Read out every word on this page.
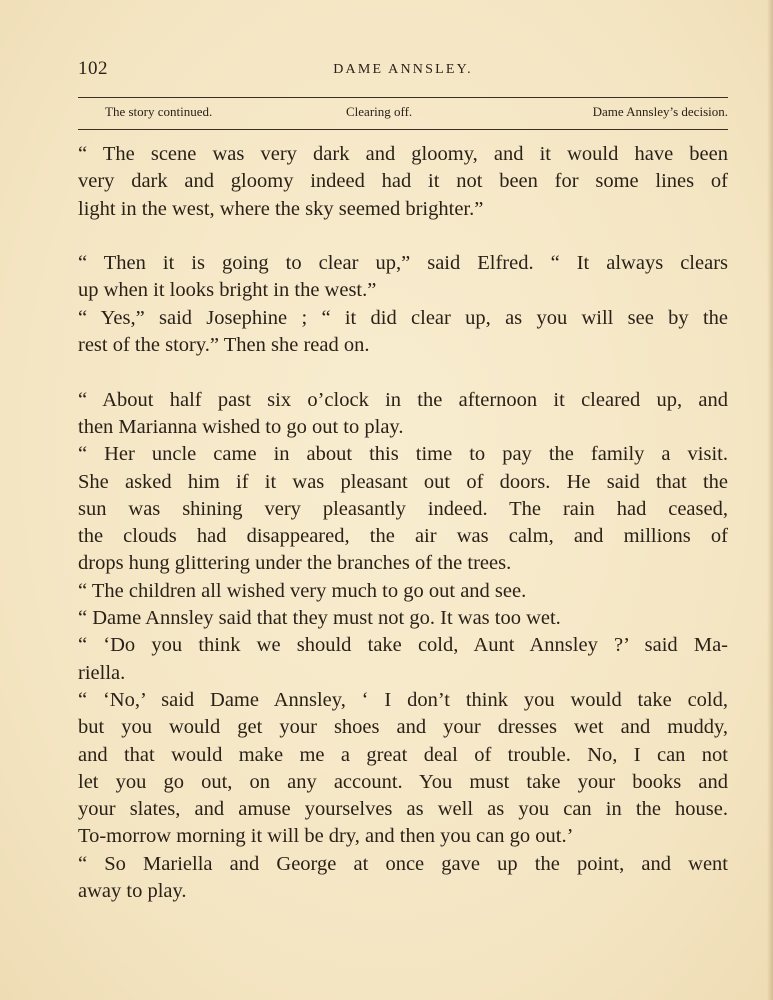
102	DAME ANNSLEY.
The story continued.	Clearing off.	Dame Annsley’s decision.
“ The scene was very dark and gloomy, and it would have been
very dark and gloomy indeed had it not been for some lines of
light in the west, where the sky seemed brighter.”
“ Then it is going to clear up,” said Elfred. “ It always clears
up when it looks bright in the west.”
“ Yes,” said Josephine ; “ it did clear up, as you will see by the
rest of the story.” Then she read on.
“ About half past six o’clock in the afternoon it cleared up, and
then Marianna wished to go out to play.
“ Her uncle came in about this time to pay the family a visit.
She asked him if it was pleasant out of doors. He said that the
sun was shining very pleasantly indeed. The rain had ceased,
the clouds had disappeared, the air was calm, and millions of
drops hung glittering under the branches of the trees.
“ The children all wished very much to go out and see.
“ Dame Annsley said that they must not go. It was too wet.
“ ‘Do you think we should take cold, Aunt Annsley ?’ said Ma-
riella.
“ ‘No,’ said Dame Annsley, ‘ I don’t think you would take cold,
but you would get your shoes and your dresses wet and muddy,
and that would make me a great deal of trouble. No, I can not
let you go out, on any account. You must take your books and
your slates, and amuse yourselves as well as you can in the house.
To-morrow morning it will be dry, and then you can go out.’
“ So Mariella and George at once gave up the point, and went
away to play.
